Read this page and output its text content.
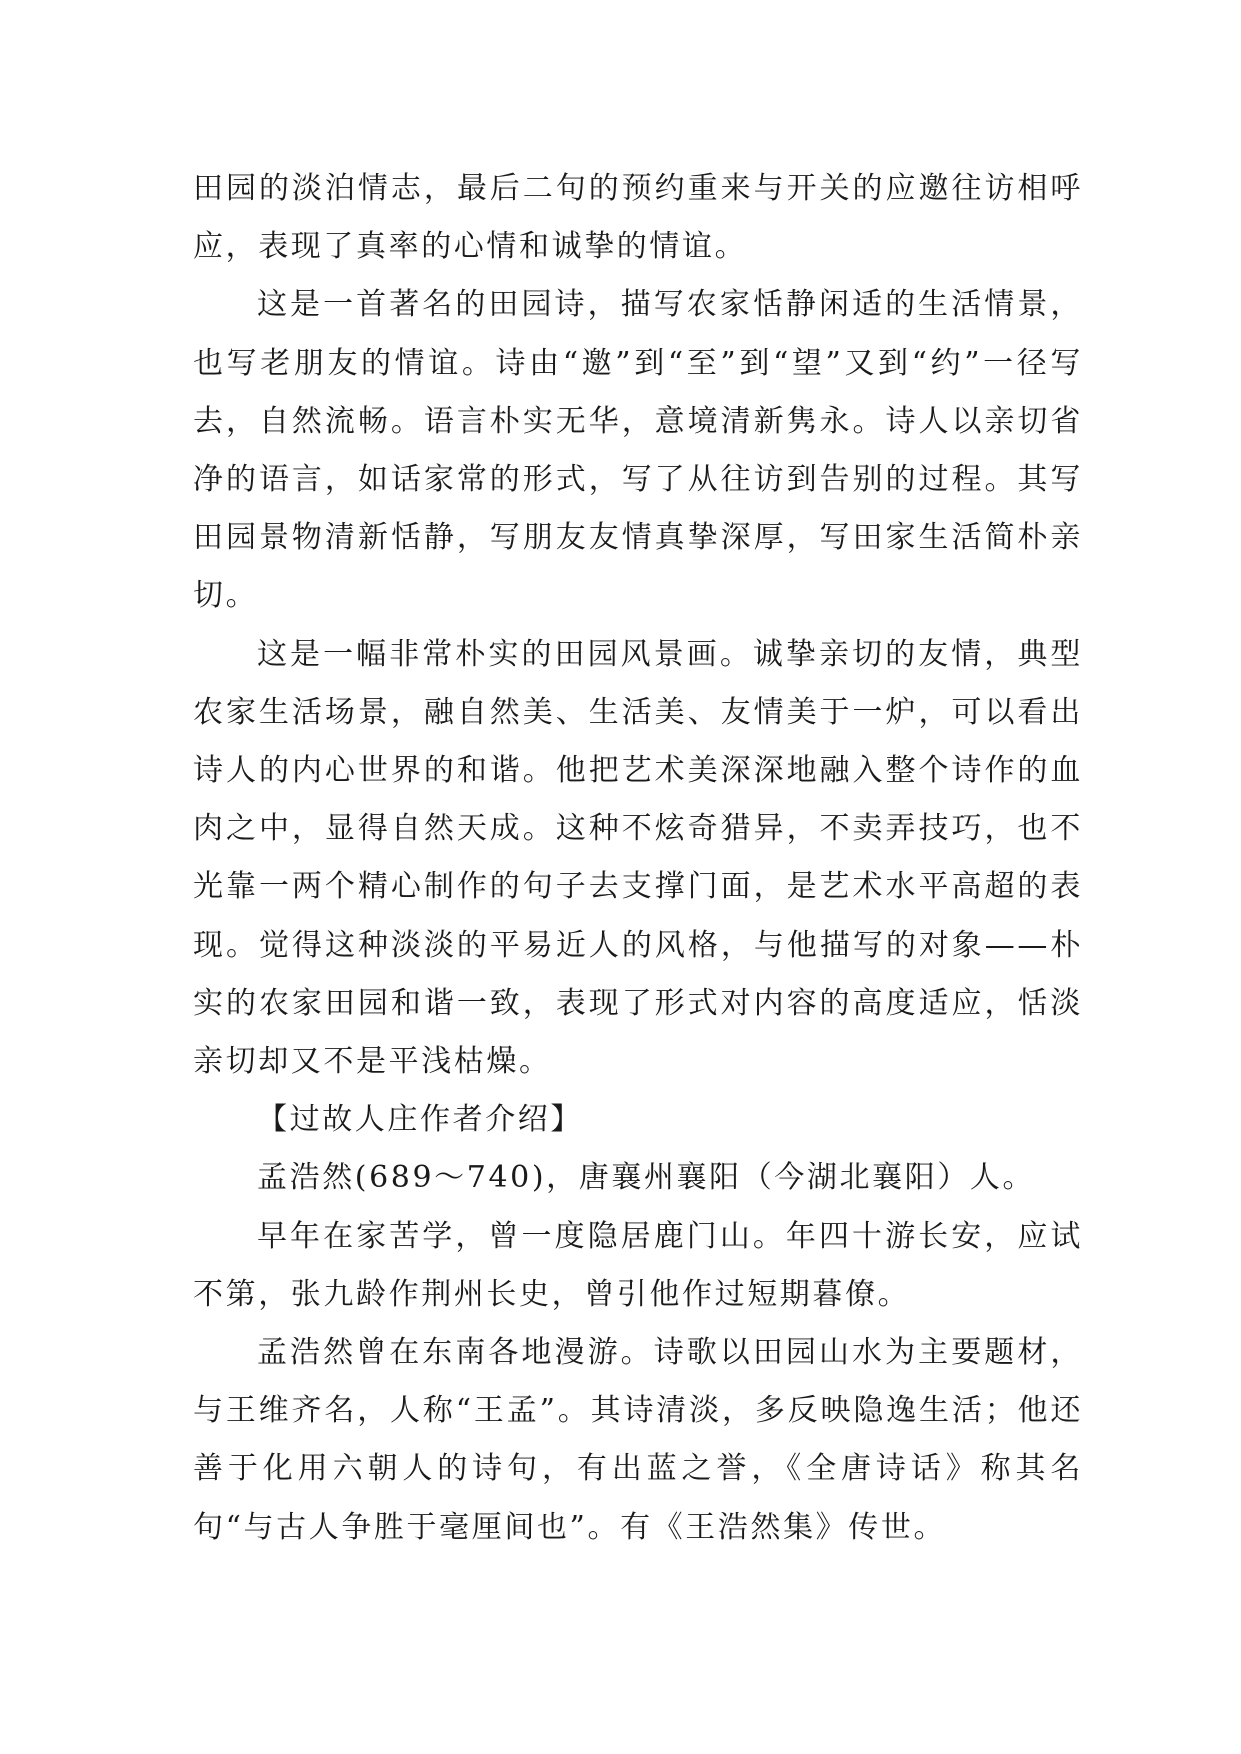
田园的淡泊情志，最后二句的预约重来与开关的应邀往访相呼应，表现了真率的心情和诚挚的情谊。

这是一首著名的田园诗，描写农家恬静闲适的生活情景，也写老朋友的情谊。诗由“邀”到“至”到“望”又到“约”一径写去，自然流畅。语言朴实无华，意境清新隽永。诗人以亲切省净的语言，如话家常的形式，写了从往访到告别的过程。其写田园景物清新恬静，写朋友友情真挚深厚，写田家生活简朴亲切。

这是一幅非常朴实的田园风景画。诚挚亲切的友情，典型农家生活场景，融自然美、生活美、友情美于一炉，可以看出诗人的内心世界的和谐。他把艺术美深深地融入整个诗作的血肉之中，显得自然天成。这种不炫奇猎异，不卖弄技巧，也不光靠一两个精心制作的句子去支撑门面，是艺术水平高超的表现。觉得这种淡淡的平易近人的风格，与他描写的对象——朴实的农家田园和谐一致，表现了形式对内容的高度适应，恬淡亲切却又不是平浅枯燥。

【过故人庄作者介绍】

孟浩然(689～740)，唐襄州襄阳（今湖北襄阳）人。

早年在家苦学，曾一度隐居鹿门山。年四十游长安，应试不第，张九龄作荆州长史，曾引他作过短期暮僚。

孟浩然曾在东南各地漫游。诗歌以田园山水为主要题材，与王维齐名，人称“王孟”。其诗清淡，多反映隐逸生活；他还善于化用六朝人的诗句，有出蓝之誉，《全唐诗话》称其名句“与古人争胜于毫厘间也”。有《王浩然集》传世。
